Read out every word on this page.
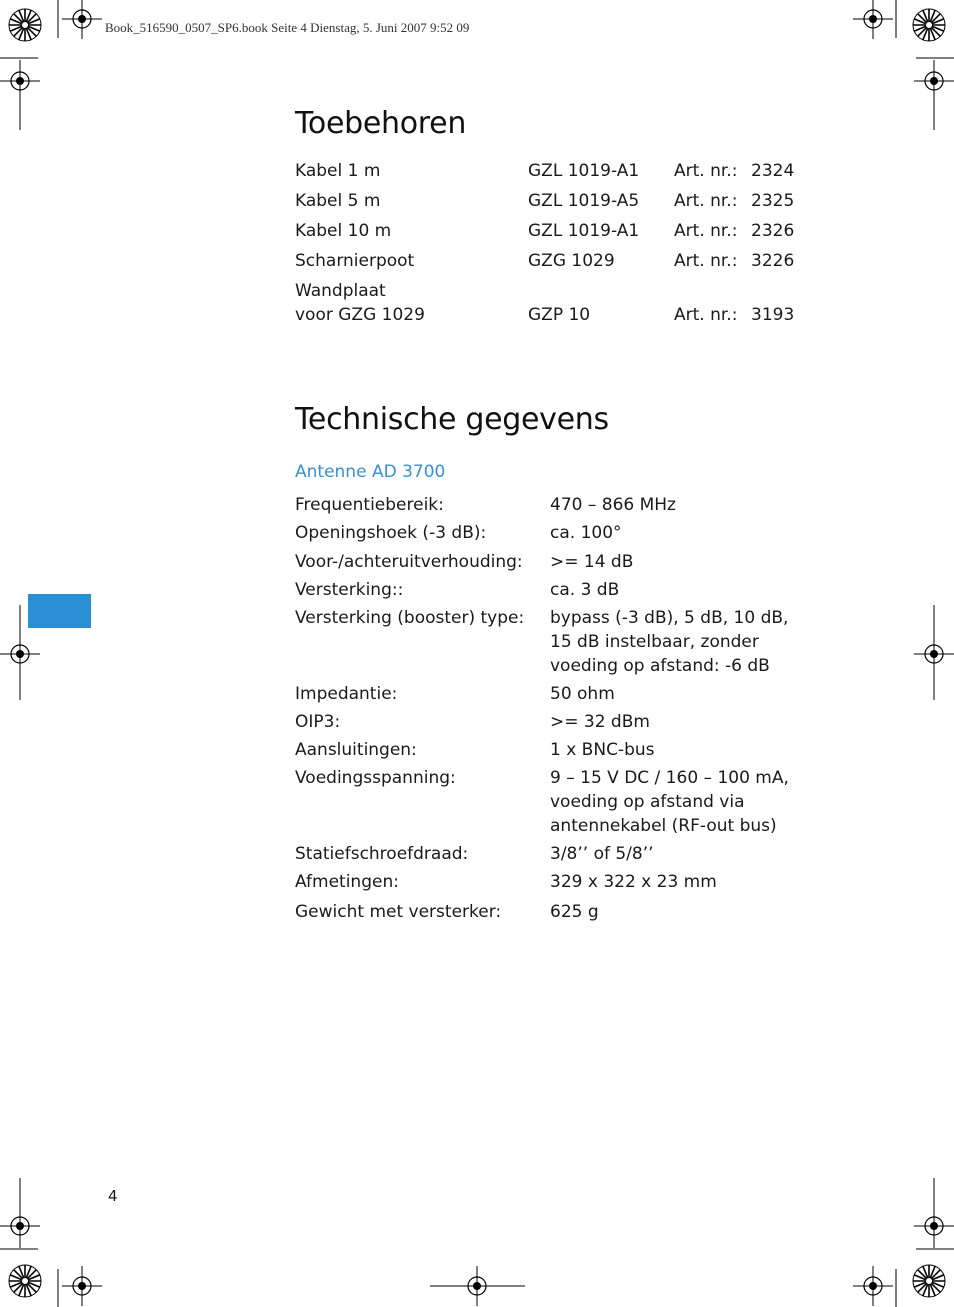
Book_516590_0507_SP6.book Seite 4 Dienstag, 5. Juni 2007 9:52 09
Toebehoren
Kabel 1 m	GZL 1019-A1 Art. nr.: 2324
Kabel 5 m	GZL 1019-A5 Art. nr.: 2325
Kabel 10 m	GZL 1019-A1 Art. nr.: 2326
Scharnierpoot	GZG 1029	Art. nr.: 3226
Wandplaat
voor GZG 1029	GZP 10	Art. nr.: 3193
Technische gegevens
Antenne AD 3700
Frequentiebereik:	470 – 866 MHz
Openingshoek (-3 dB):	ca. 100°
Voor-/achteruitverhouding: >= 14 dB
Versterking::	ca. 3 dB
Versterking (booster) type: bypass (-3 dB), 5 dB, 10 dB, 15 dB instelbaar, zonder voeding op afstand: -6 dB
Impedantie:	50 ohm
OIP3:	>= 32 dBm
Aansluitingen:	1 x BNC-bus
Voedingsspanning:	9 – 15 V DC / 160 – 100 mA, voeding op afstand via antennekabel (RF-out bus)
Statiefschroefdraad:	3/8’’ of 5/8’’
Afmetingen:	329 x 322 x 23 mm
Gewicht met versterker:	625 g
4
